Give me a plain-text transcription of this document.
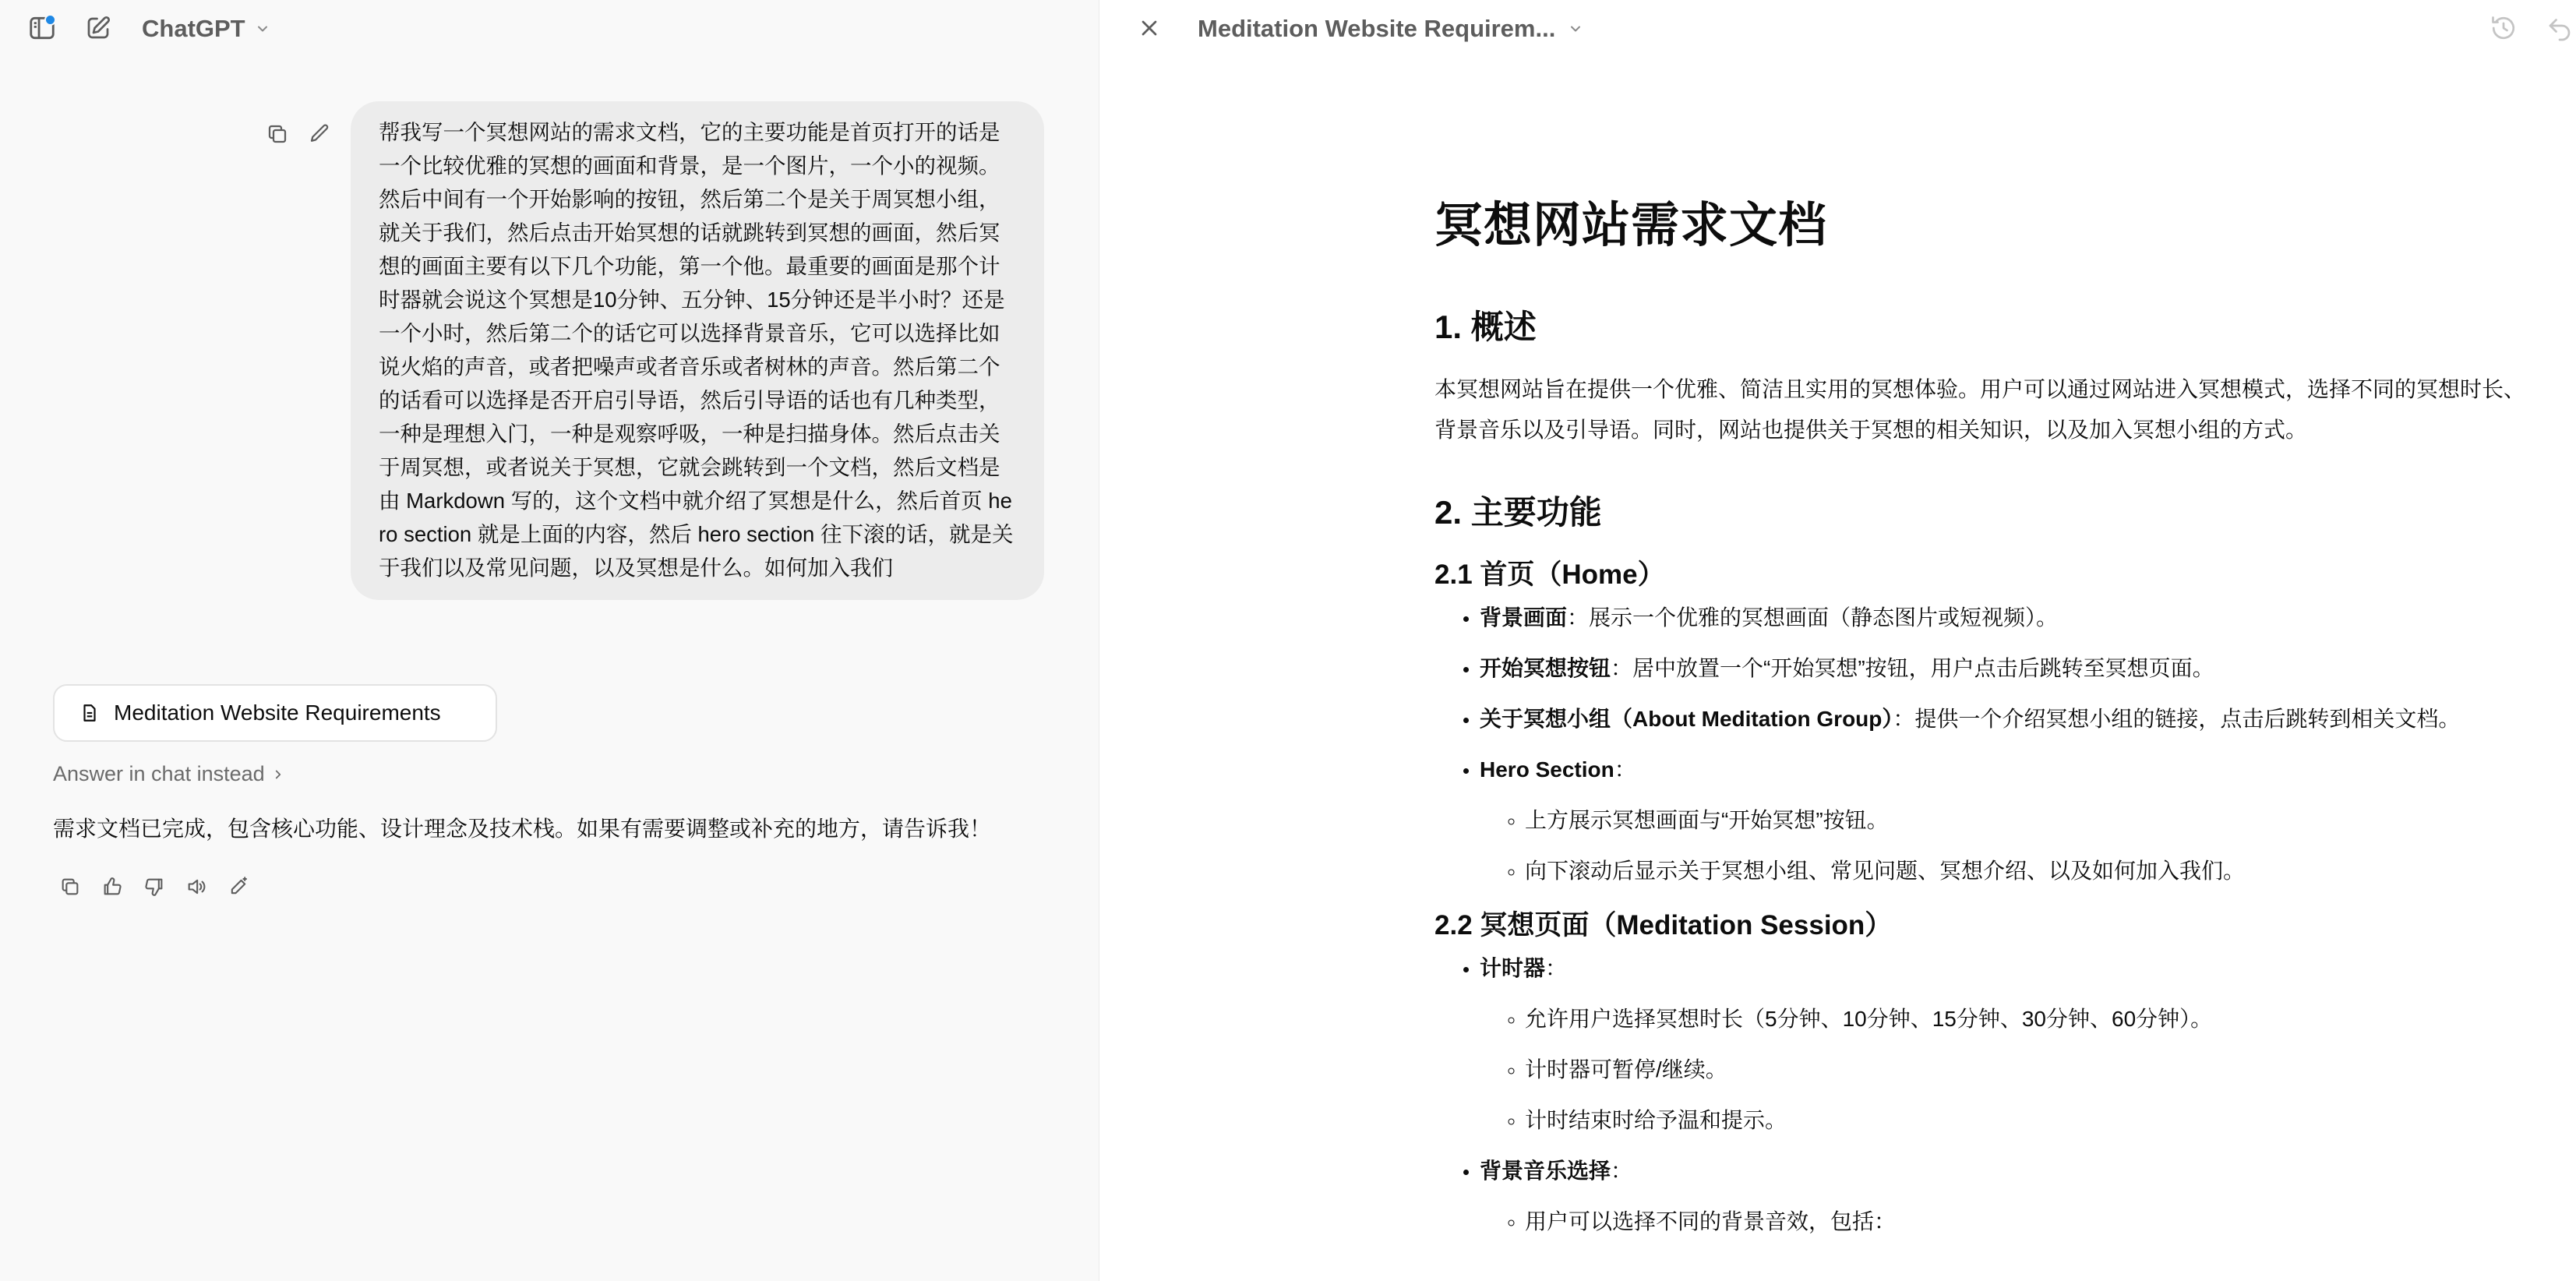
ChatGPT
帮我写一个冥想网站的需求文档，它的主要功能是首页打开的话是一个比较优雅的冥想的画面和背景，是一个图片，一个小的视频。然后中间有一个开始影响的按钮，然后第二个是关于周冥想小组，就关于我们，然后点击开始冥想的话就跳转到冥想的画面，然后冥想的画面主要有以下几个功能，第一个他。最重要的画面是那个计时器就会说这个冥想是10分钟、五分钟、15分钟还是半小时？还是一个小时，然后第二个的话它可以选择背景音乐，它可以选择比如说火焰的声音，或者把噪声或者音乐或者树林的声音。然后第二个的话看可以选择是否开启引导语，然后引导语的话也有几种类型，一种是理想入门，一种是观察呼吸，一种是扫描身体。然后点击关于周冥想，或者说关于冥想，它就会跳转到一个文档，然后文档是由 Markdown 写的，这个文档中就介绍了冥想是什么，然后首页 hero section 就是上面的内容，然后 hero section 往下滚的话，就是关于我们以及常见问题，以及冥想是什么。如何加入我们
Meditation Website Requirements
Answer in chat instead
需求文档已完成，包含核心功能、设计理念及技术栈。如果有需要调整或补充的地方，请告诉我！
Meditation Website Requirem...
冥想网站需求文档
1. 概述

本冥想网站旨在提供一个优雅、简洁且实用的冥想体验。用户可以通过网站进入冥想模式，选择不同的冥想时长、背景音乐以及引导语。同时，网站也提供关于冥想的相关知识，以及加入冥想小组的方式。

2. 主要功能
2.1 首页（Home）
• 背景画面：展示一个优雅的冥想画面（静态图片或短视频）。
• 开始冥想按钮：居中放置一个“开始冥想”按钮，用户点击后跳转至冥想页面。
• 关于冥想小组（About Meditation Group）：提供一个介绍冥想小组的链接，点击后跳转到相关文档。
• Hero Section：
◦ 上方展示冥想画面与“开始冥想”按钮。
◦ 向下滚动后显示关于冥想小组、常见问题、冥想介绍、以及如何加入我们。
2.2 冥想页面（Meditation Session）
• 计时器：
◦ 允许用户选择冥想时长（5分钟、10分钟、15分钟、30分钟、60分钟）。
◦ 计时器可暂停/继续。
◦ 计时结束时给予温和提示。
• 背景音乐选择：
◦ 用户可以选择不同的背景音效，包括：
